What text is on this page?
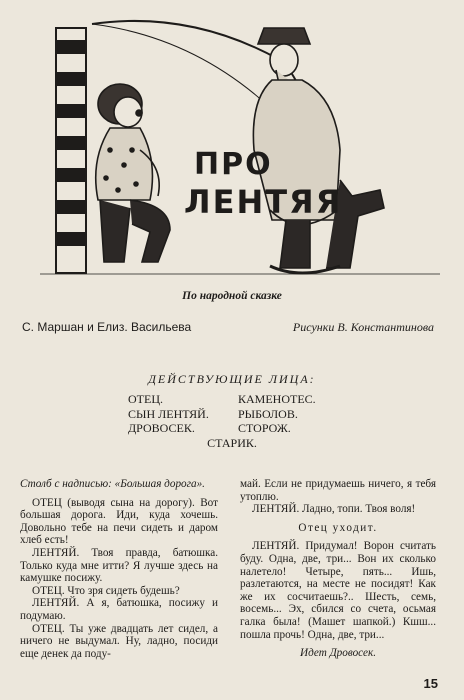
ПРО
ЛЕНТЯЯ
По народной сказке
С. Маршан и Елиз. Васильева	Рисунки В. Константинова
ДЕЙСТВУЮЩИЕ ЛИЦА:
ОТЕЦ.
СЫН ЛЕНТЯЙ.
ДРОВОСЕК.
КАМЕНОТЕС.
РЫБОЛОВ.
СТОРОЖ.
СТАРИК.

Столб с надписью: «Большая дорога».

ОТЕЦ (выводя сына на дорогу). Вот большая дорога. Иди, куда хочешь. Довольно тебе на печи сидеть и даром хлеб есть!

ЛЕНТЯЙ. Твоя правда, батюшка. Только куда мне итти? Я лучше здесь на камушке посижу.

ОТЕЦ. Что зря сидеть будешь?

ЛЕНТЯЙ. А я, батюшка, посижу и подумаю.

ОТЕЦ. Ты уже двадцать лет сидел, а ничего не выдумал. Ну, ладно, посиди еще денек да поду-

май. Если не придумаешь ничего, я тебя утоплю.

ЛЕНТЯЙ. Ладно, топи. Твоя воля!

Отец уходит.

ЛЕНТЯЙ. Придумал! Ворон считать буду. Одна, две, три... Вон их сколько налетело! Четыре, пять... Ишь, разлетаются, на месте не посидят! Как же их сосчитаешь?.. Шесть, семь, восемь... Эх, сбился со счета, осьмая галка была! (Машет шапкой.) Кшш... пошла прочь! Одна, две, три...

Идет Дровосек.

15
